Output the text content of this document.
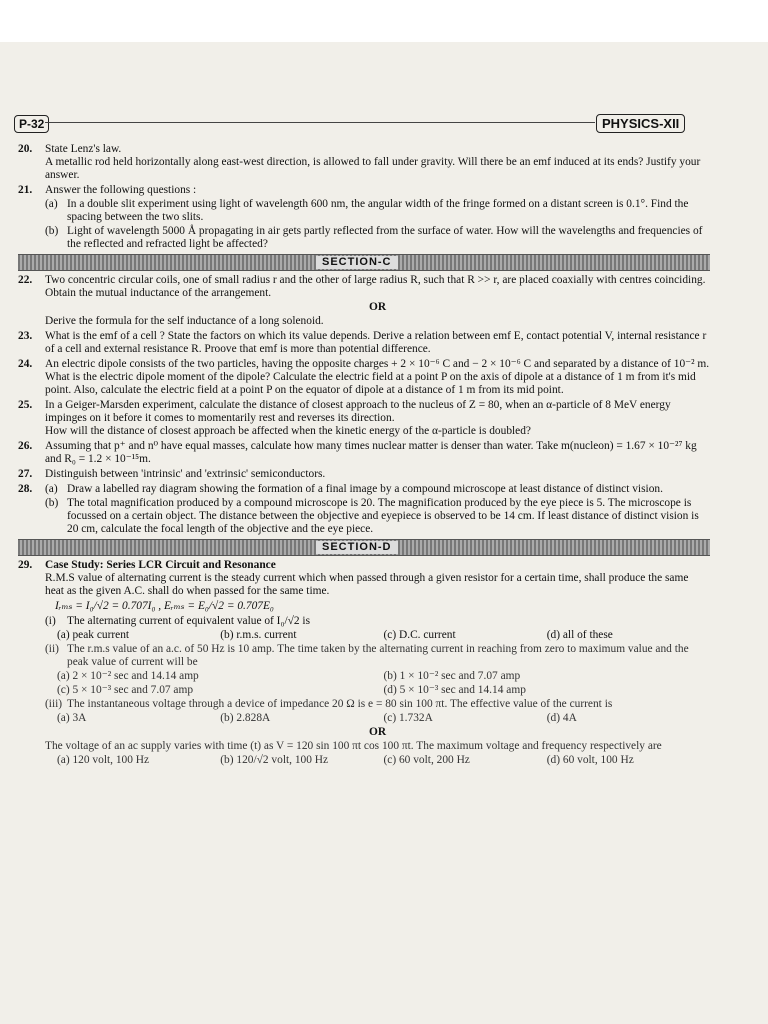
P-32	PHYSICS-XII
20.	State Lenz's law.
A metallic rod held horizontally along east-west direction, is allowed to fall under gravity. Will there be an emf induced at its ends? Justify your answer.
21.	Answer the following questions :
(a) In a double slit experiment using light of wavelength 600 nm, the angular width of the fringe formed on a distant screen is 0.1°. Find the spacing between the two slits.
(b) Light of wavelength 5000 Å propagating in air gets partly reflected from the surface of water. How will the wavelengths and frequencies of the reflected and refracted light be affected?
SECTION-C
22.	Two concentric circular coils, one of small radius r and the other of large radius R, such that R >> r, are placed coaxially with centres coinciding. Obtain the mutual inductance of the arrangement.
OR
Derive the formula for the self inductance of a long solenoid.
23.	What is the emf of a cell ? State the factors on which its value depends. Derive a relation between emf E, contact potential V, internal resistance r of a cell and external resistance R. Proove that emf is more than potential difference.
24.	An electric dipole consists of the two particles, having the opposite charges + 2 × 10⁻⁶ C and − 2 × 10⁻⁶ C and separated by a distance of 10⁻² m. What is the electric dipole moment of the dipole? Calculate the electric field at a point P on the axis of dipole at a distance of 1 m from it's mid point. Also, calculate the electric field at a point P on the equator of dipole at a distance of 1 m from its mid point.
25.	In a Geiger-Marsden experiment, calculate the distance of closest approach to the nucleus of Z = 80, when an α-particle of 8 MeV energy impinges on it before it comes to momentarily rest and reverses its direction.
How will the distance of closest approach be affected when the kinetic energy of the α-particle is doubled?
26.	Assuming that p⁺ and n⁰ have equal masses, calculate how many times nuclear matter is denser than water. Take m(nucleon) = 1.67 × 10⁻²⁷ kg and R₀ = 1.2 × 10⁻¹⁵m.
27.	Distinguish between 'intrinsic' and 'extrinsic' semiconductors.
28.	(a) Draw a labelled ray diagram showing the formation of a final image by a compound microscope at least distance of distinct vision.
(b) The total magnification produced by a compound microscope is 20. The magnification produced by the eye piece is 5. The microscope is focussed on a certain object. The distance between the objective and eyepiece is observed to be 14 cm. If least distance of distinct vision is 20 cm, calculate the focal length of the objective and the eye piece.
SECTION-D
29.	Case Study: Series LCR Circuit and Resonance
R.M.S value of alternating current is the steady current which when passed through a given resistor for a certain time, shall produce the same heat as the given A.C. shall do when passed for the same time.
Iᵣₘₛ = I₀/√2 = 0.707I₀ , Eᵣₘₛ = E₀/√2 = 0.707E₀
(i) The alternating current of equivalent value of I₀/√2 is
(a) peak current	(b) r.m.s. current	(c) D.C. current	(d) all of these
(ii) The r.m.s value of an a.c. of 50 Hz is 10 amp. The time taken by the alternating current in reaching from zero to maximum value and the peak value of current will be
(a) 2 × 10⁻² sec and 14.14 amp	(b) 1 × 10⁻² sec and 7.07 amp
(c) 5 × 10⁻³ sec and 7.07 amp	(d) 5 × 10⁻³ sec and 14.14 amp
(iii) The instantaneous voltage through a device of impedance 20 Ω is e = 80 sin 100 πt. The effective value of the current is
(a) 3A	(b) 2.828A	(c) 1.732A	(d) 4A
OR
The voltage of an ac supply varies with time (t) as V = 120 sin 100 πt cos 100 πt. The maximum voltage and frequency respectively are
(a) 120 volt, 100 Hz	(b) 120/√2 volt, 100 Hz	(c) 60 volt, 200 Hz	(d) 60 volt, 100 Hz
